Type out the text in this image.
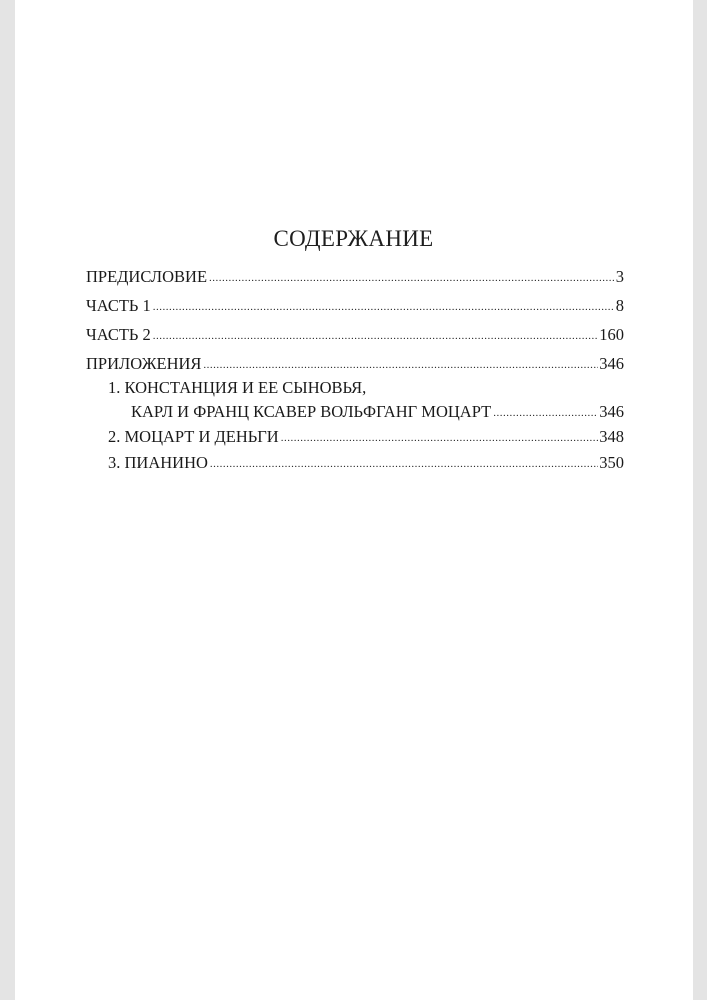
СОДЕРЖАНИЕ
ПРЕДИСЛОВИЕ .....	3
ЧАСТЬ 1 .....	8
ЧАСТЬ 2 .....	160
ПРИЛОЖЕНИЯ .....	346
1. КОНСТАНЦИЯ И ЕЕ СЫНОВЬЯ,
КАРЛ И ФРАНЦ КСАВЕР ВОЛЬФГАНГ МОЦАРТ .....	346
2. МОЦАРТ И ДЕНЬГИ .....	348
3. ПИАНИНО .....	350
